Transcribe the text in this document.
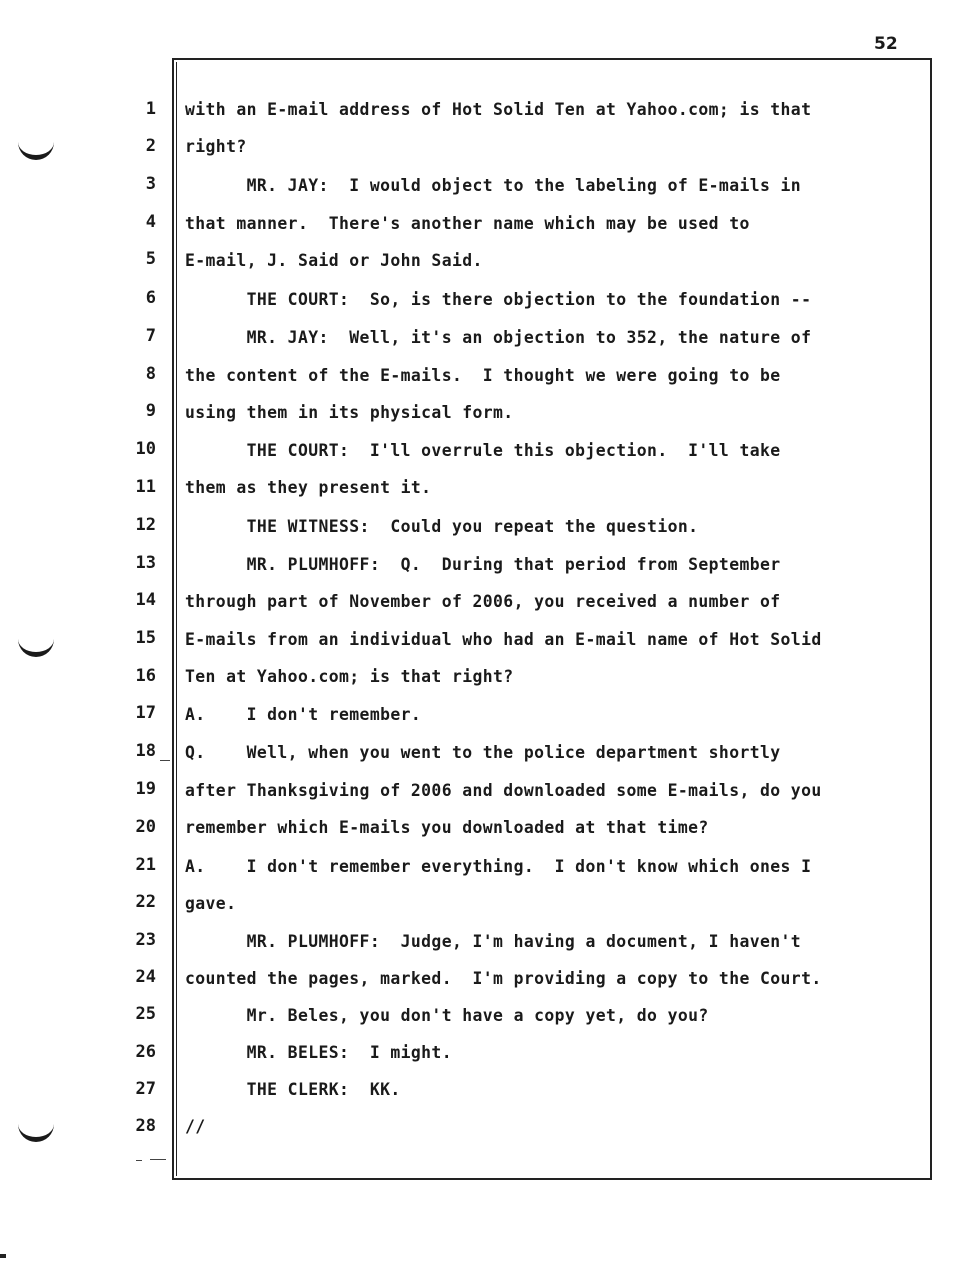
52
1 with an E-mail address of Hot Solid Ten at Yahoo.com; is that
2 right?
3 MR. JAY:  I would object to the labeling of E-mails in
4 that manner.  There's another name which may be used to
5 E-mail, J. Said or John Said.
6 THE COURT:  So, is there objection to the foundation --
7 MR. JAY:  Well, it's an objection to 352, the nature of
8 the content of the E-mails.  I thought we were going to be
9 using them in its physical form.
10 THE COURT:  I'll overrule this objection.  I'll take
11 them as they present it.
12 THE WITNESS:  Could you repeat the question.
13 MR. PLUMHOFF:  Q.  During that period from September
14 through part of November of 2006, you received a number of
15 E-mails from an individual who had an E-mail name of Hot Solid
16 Ten at Yahoo.com; is that right?
17 A.    I don't remember.
18 Q.    Well, when you went to the police department shortly
19 after Thanksgiving of 2006 and downloaded some E-mails, do you
20 remember which E-mails you downloaded at that time?
21 A.    I don't remember everything.  I don't know which ones I
22 gave.
23 MR. PLUMHOFF:  Judge, I'm having a document, I haven't
24 counted the pages, marked.  I'm providing a copy to the Court.
25 Mr. Beles, you don't have a copy yet, do you?
26 MR. BELES:  I might.
27 THE CLERK:  KK.
28 //
